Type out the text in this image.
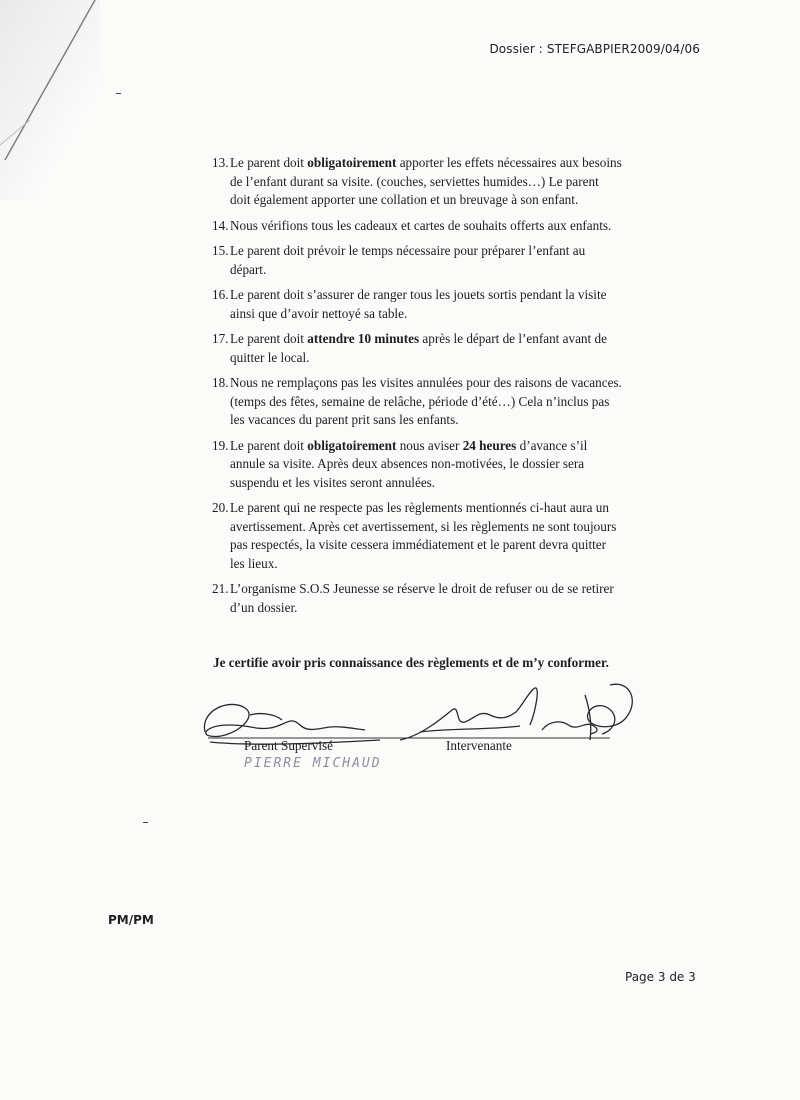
Dossier : STEFGABPIER2009/04/06
13. Le parent doit obligatoirement apporter les effets nécessaires aux besoins de l’enfant durant sa visite. (couches, serviettes humides…) Le parent doit également apporter une collation et un breuvage à son enfant.
14. Nous vérifions tous les cadeaux et cartes de souhaits offerts aux enfants.
15. Le parent doit prévoir le temps nécessaire pour préparer l’enfant au départ.
16. Le parent doit s’assurer de ranger tous les jouets sortis pendant la visite ainsi que d’avoir nettoyé sa table.
17. Le parent doit attendre 10 minutes après le départ de l’enfant avant de quitter le local.
18. Nous ne remplaçons pas les visites annulées pour des raisons de vacances. (temps des fêtes, semaine de relâche, période d’été…) Cela n’inclus pas les vacances du parent prit sans les enfants.
19. Le parent doit obligatoirement nous aviser 24 heures d’avance s’il annule sa visite. Après deux absences non-motivées, le dossier sera suspendu et les visites seront annulées.
20. Le parent qui ne respecte pas les règlements mentionnés ci-haut aura un avertissement. Après cet avertissement, si les règlements ne sont toujours pas respectés, la visite cessera immédiatement et le parent devra quitter les lieux.
21. L’organisme S.O.S Jeunesse se réserve le droit de refuser ou de se retirer d’un dossier.
Je certifie avoir pris connaissance des règlements et de m’y conformer.
Parent Supervisé	Intervenante
PIERRE MICHAUD
PM/PM
Page 3 de 3
